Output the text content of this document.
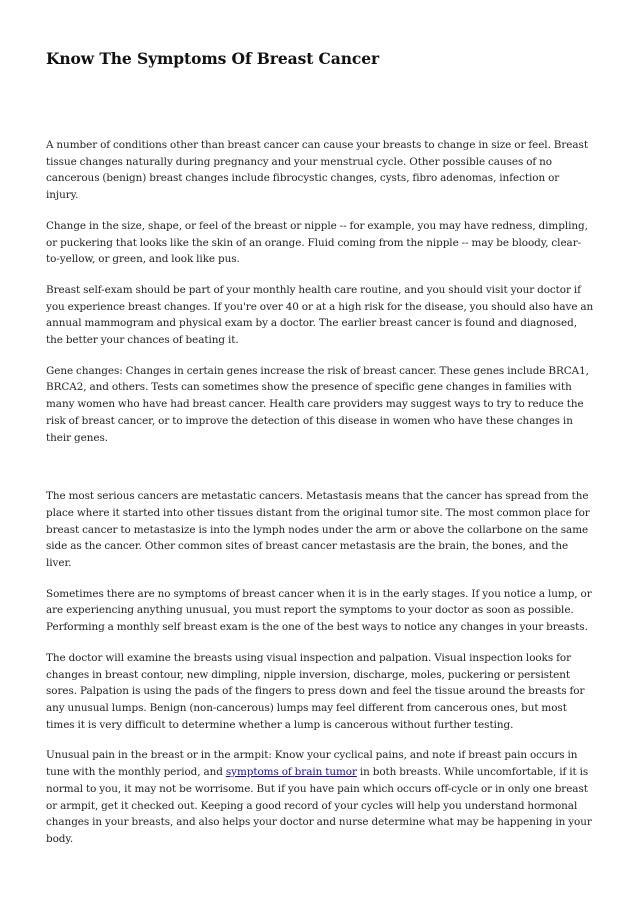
Know The Symptoms Of Breast Cancer

A number of conditions other than breast cancer can cause your breasts to change in size or feel. Breast tissue changes naturally during pregnancy and your menstrual cycle. Other possible causes of no cancerous (benign) breast changes include fibrocystic changes, cysts, fibro adenomas, infection or injury.

Change in the size, shape, or feel of the breast or nipple -- for example, you may have redness, dimpling, or puckering that looks like the skin of an orange. Fluid coming from the nipple -- may be bloody, clear-to-yellow, or green, and look like pus.

Breast self-exam should be part of your monthly health care routine, and you should visit your doctor if you experience breast changes. If you're over 40 or at a high risk for the disease, you should also have an annual mammogram and physical exam by a doctor. The earlier breast cancer is found and diagnosed, the better your chances of beating it.

Gene changes: Changes in certain genes increase the risk of breast cancer. These genes include BRCA1, BRCA2, and others. Tests can sometimes show the presence of specific gene changes in families with many women who have had breast cancer. Health care providers may suggest ways to try to reduce the risk of breast cancer, or to improve the detection of this disease in women who have these changes in their genes.

The most serious cancers are metastatic cancers. Metastasis means that the cancer has spread from the place where it started into other tissues distant from the original tumor site. The most common place for breast cancer to metastasize is into the lymph nodes under the arm or above the collarbone on the same side as the cancer. Other common sites of breast cancer metastasis are the brain, the bones, and the liver.

Sometimes there are no symptoms of breast cancer when it is in the early stages. If you notice a lump, or are experiencing anything unusual, you must report the symptoms to your doctor as soon as possible. Performing a monthly self breast exam is the one of the best ways to notice any changes in your breasts.

The doctor will examine the breasts using visual inspection and palpation. Visual inspection looks for changes in breast contour, new dimpling, nipple inversion, discharge, moles, puckering or persistent sores. Palpation is using the pads of the fingers to press down and feel the tissue around the breasts for any unusual lumps. Benign (non-cancerous) lumps may feel different from cancerous ones, but most times it is very difficult to determine whether a lump is cancerous without further testing.

Unusual pain in the breast or in the armpit: Know your cyclical pains, and note if breast pain occurs in tune with the monthly period, and symptoms of brain tumor in both breasts. While uncomfortable, if it is normal to you, it may not be worrisome. But if you have pain which occurs off-cycle or in only one breast or armpit, get it checked out. Keeping a good record of your cycles will help you understand hormonal changes in your breasts, and also helps your doctor and nurse determine what may be happening in your body.
